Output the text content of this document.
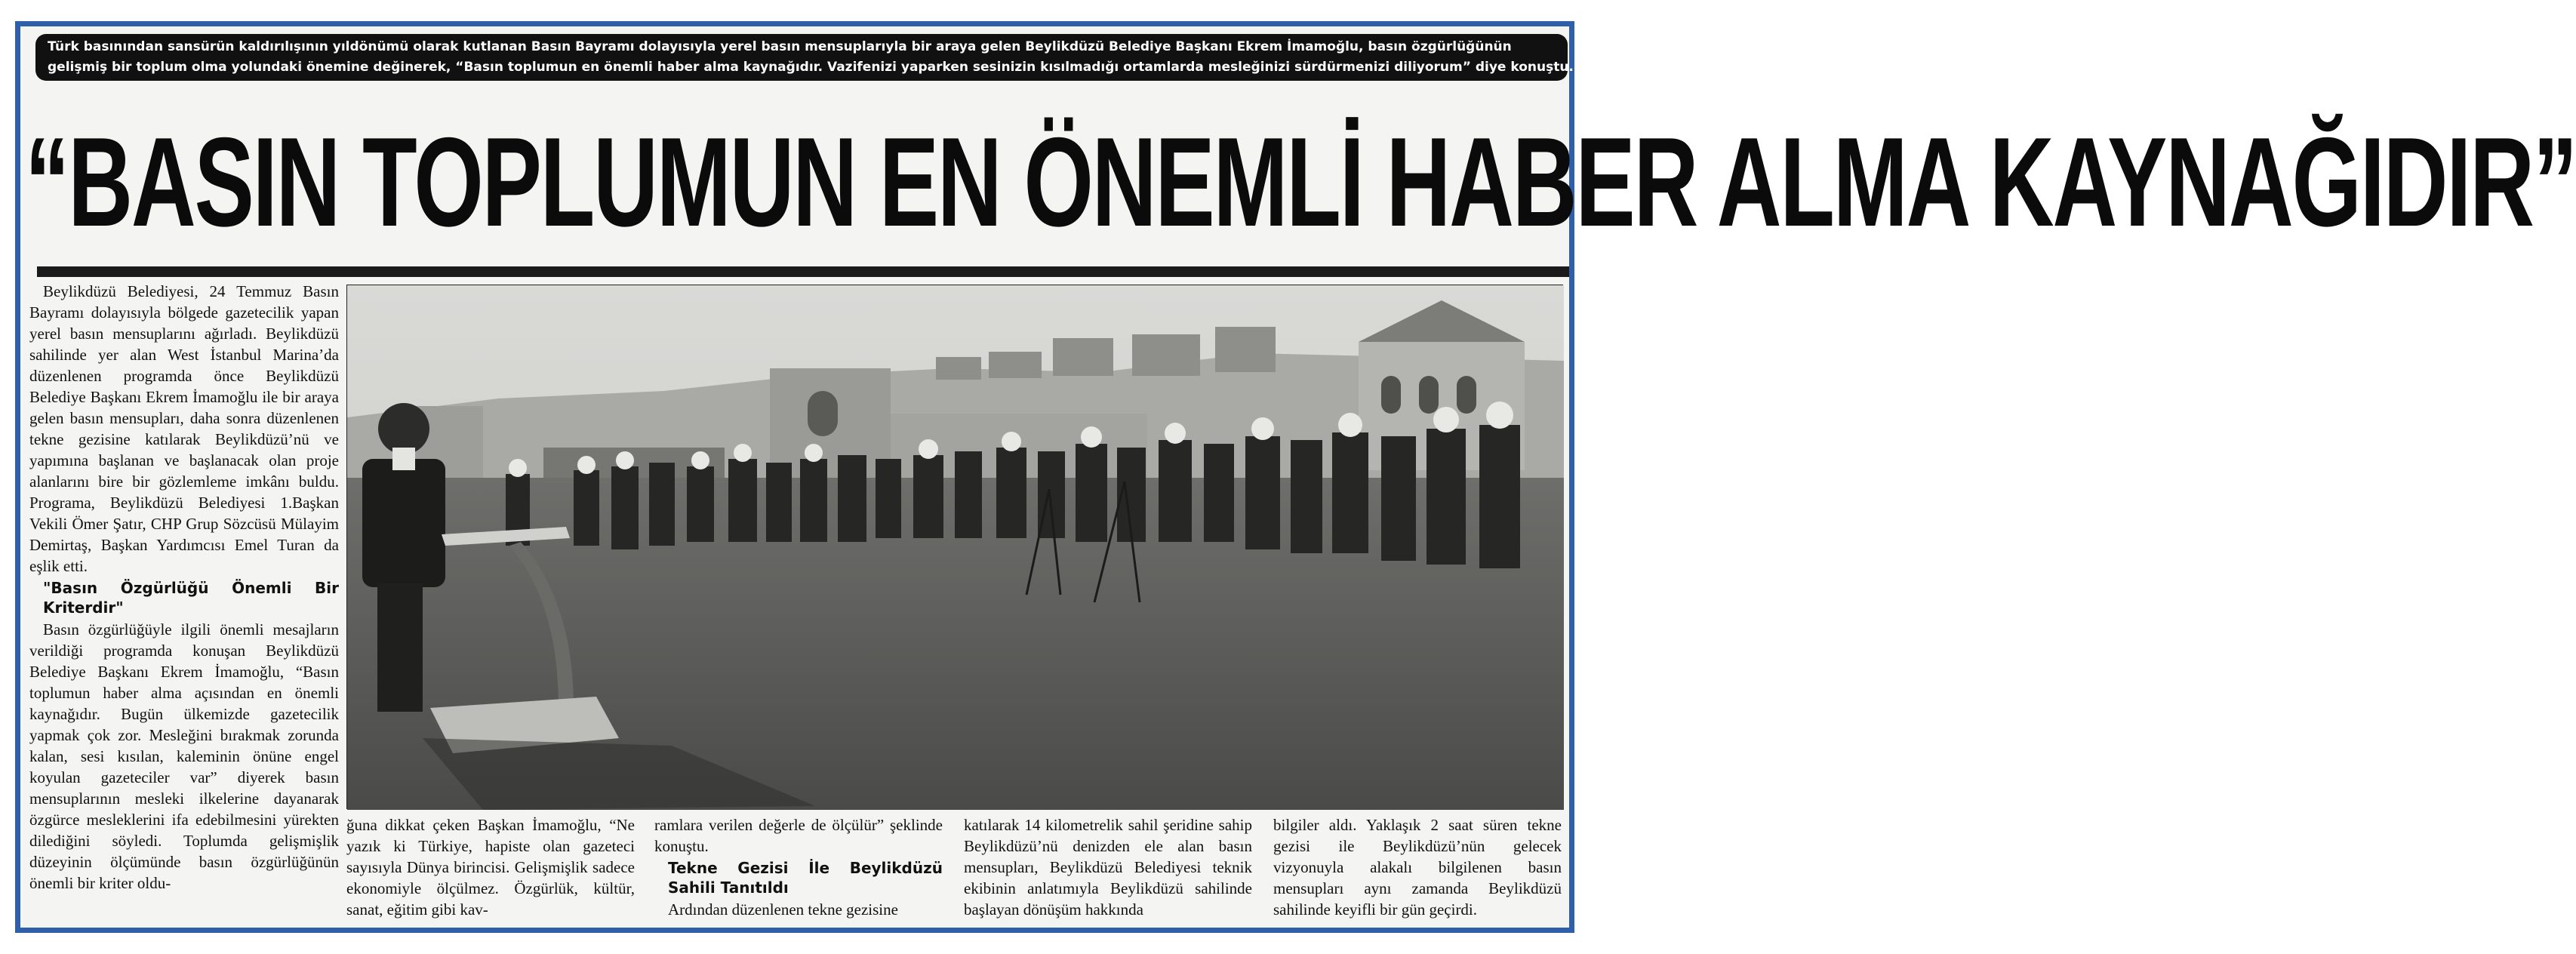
Türk basınından sansürün kaldırılışının yıldönümü olarak kutlanan Basın Bayramı dolayısıyla yerel basın mensuplarıyla bir araya gelen Beylikdüzü Belediye Başkanı Ekrem İmamoğlu, basın özgürlüğünün
gelişmiş bir toplum olma yolundaki önemine değinerek, “Basın toplumun en önemli haber alma kaynağıdır. Vazifenizi yaparken sesinizin kısılmadığı ortamlarda mesleğinizi sürdürmenizi diliyorum” diye konuştu.
“BASIN TOPLUMUN EN ÖNEMLİ HABER ALMA KAYNAĞIDIR”

Beylikdüzü Belediyesi, 24 Temmuz Basın Bayramı dolayısıyla bölgede gazetecilik yapan yerel basın mensuplarını ağırladı. Beylikdüzü sahilinde yer alan West İstanbul Marina’da düzenlenen programda önce Beylikdüzü Belediye Başkanı Ekrem İmamoğlu ile bir araya gelen basın mensupları, daha sonra düzenlenen tekne gezisine katılarak Beylikdüzü’nü ve yapımına başlanan ve başlanacak olan proje alanlarını bire bir gözlemleme imkânı buldu. Programa, Beylikdüzü Belediyesi 1.Başkan Vekili Ömer Şatır, CHP Grup Sözcüsü Mülayim Demirtaş, Başkan Yardımcısı Emel Turan da eşlik etti.

"Basın Özgürlüğü Önemli Bir Kriterdir"

Basın özgürlüğüyle ilgili önemli mesajların verildiği programda konuşan Beylikdüzü Belediye Başkanı Ekrem İmamoğlu, “Basın toplumun haber alma açısından en önemli kaynağıdır. Bugün ülkemizde gazetecilik yapmak çok zor. Mesleğini bırakmak zorunda kalan, sesi kısılan, kaleminin önüne engel koyulan gazeteciler var” diyerek basın mensuplarının mesleki ilkelerine dayanarak özgürce mesleklerini ifa edebilmesini yürekten dilediğini söyledi. Toplumda gelişmişlik düzeyinin ölçümünde basın özgürlüğünün önemli bir kriter oldu-

ğuna dikkat çeken Başkan İmamoğlu, “Ne yazık ki Türkiye, hapiste olan gazeteci sayısıyla Dünya birincisi. Gelişmişlik sadece ekonomiyle ölçülmez. Özgürlük, kültür, sanat, eğitim gibi kav-

ramlara verilen değerle de ölçülür” şeklinde konuştu.

Tekne Gezisi İle Beylikdüzü Sahili Tanıtıldı

Ardından düzenlenen tekne gezisine

katılarak 14 kilometrelik sahil şeridine sahip Beylikdüzü’nü denizden ele alan basın mensupları, Beylikdüzü Belediyesi teknik ekibinin anlatımıyla Beylikdüzü sahilinde başlayan dönüşüm hakkında

bilgiler aldı. Yaklaşık 2 saat süren tekne gezisi ile Beylikdüzü’nün gelecek vizyonuyla alakalı bilgilenen basın mensupları aynı zamanda Beylikdüzü sahilinde keyifli bir gün geçirdi.
